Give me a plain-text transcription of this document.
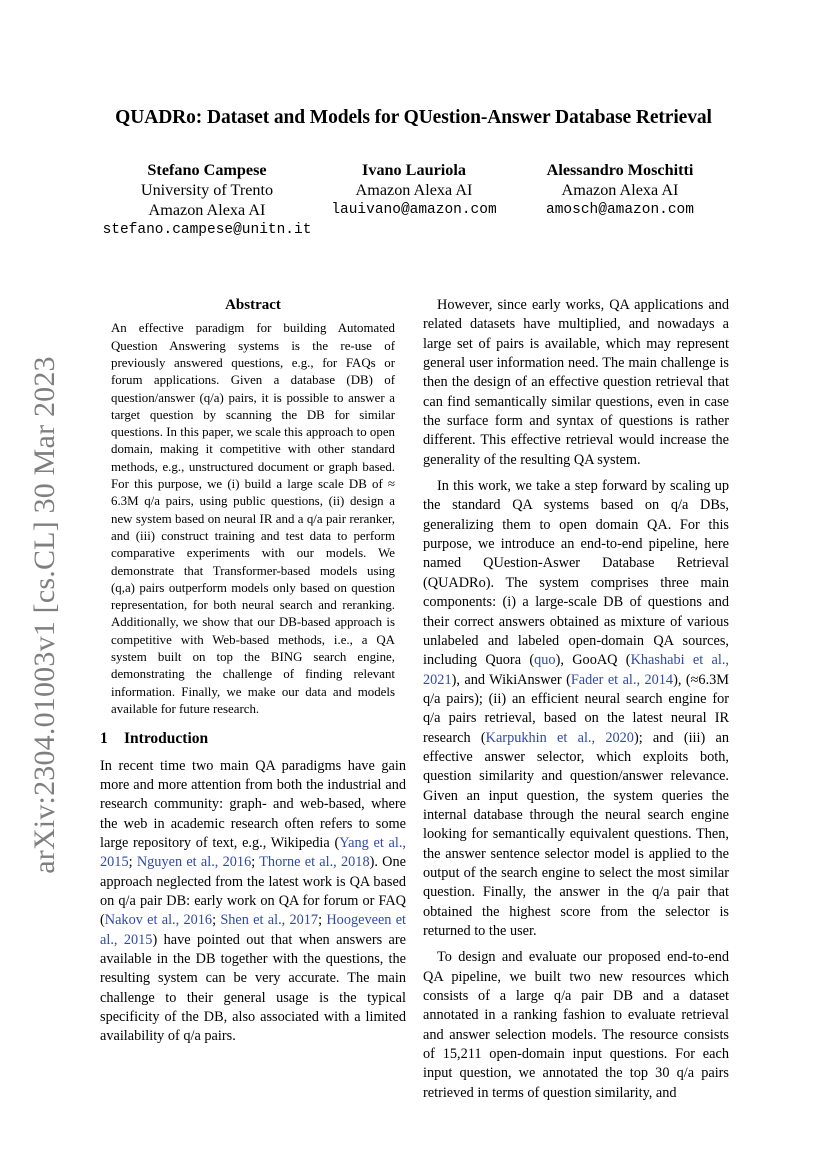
arXiv:2304.01003v1 [cs.CL] 30 Mar 2023
QUADRo: Dataset and Models for QUestion-Answer Database Retrieval
Stefano Campese
University of Trento
Amazon Alexa AI
stefano.campese@unitn.it
Ivano Lauriola
Amazon Alexa AI
lauivano@amazon.com
Alessandro Moschitti
Amazon Alexa AI
amosch@amazon.com
Abstract
An effective paradigm for building Automated Question Answering systems is the re-use of previously answered questions, e.g., for FAQs or forum applications. Given a database (DB) of question/answer (q/a) pairs, it is possible to answer a target question by scanning the DB for similar questions. In this paper, we scale this approach to open domain, making it competitive with other standard methods, e.g., unstructured document or graph based. For this purpose, we (i) build a large scale DB of ≈ 6.3M q/a pairs, using public questions, (ii) design a new system based on neural IR and a q/a pair reranker, and (iii) construct training and test data to perform comparative experiments with our models. We demonstrate that Transformer-based models using (q,a) pairs outperform models only based on question representation, for both neural search and reranking. Additionally, we show that our DB-based approach is competitive with Web-based methods, i.e., a QA system built on top the BING search engine, demonstrating the challenge of finding relevant information. Finally, we make our data and models available for future research.
1 Introduction

In recent time two main QA paradigms have gain more and more attention from both the industrial and research community: graph- and web-based, where the web in academic research often refers to some large repository of text, e.g., Wikipedia (Yang et al., 2015; Nguyen et al., 2016; Thorne et al., 2018). One approach neglected from the latest work is QA based on q/a pair DB: early work on QA for forum or FAQ (Nakov et al., 2016; Shen et al., 2017; Hoogeveen et al., 2015) have pointed out that when answers are available in the DB together with the questions, the resulting system can be very accurate. The main challenge to their general usage is the typical specificity of the DB, also associated with a limited availability of q/a pairs.

However, since early works, QA applications and related datasets have multiplied, and nowadays a large set of pairs is available, which may represent general user information need. The main challenge is then the design of an effective question retrieval that can find semantically similar questions, even in case the surface form and syntax of questions is rather different. This effective retrieval would increase the generality of the resulting QA system.

In this work, we take a step forward by scaling up the standard QA systems based on q/a DBs, generalizing them to open domain QA. For this purpose, we introduce an end-to-end pipeline, here named QUestion-Aswer Database Retrieval (QUADRo). The system comprises three main components: (i) a large-scale DB of questions and their correct answers obtained as mixture of various unlabeled and labeled open-domain QA sources, including Quora (quo), GooAQ (Khashabi et al., 2021), and WikiAnswer (Fader et al., 2014), (≈6.3M q/a pairs); (ii) an efficient neural search engine for q/a pairs retrieval, based on the latest neural IR research (Karpukhin et al., 2020); and (iii) an effective answer selector, which exploits both, question similarity and question/answer relevance. Given an input question, the system queries the internal database through the neural search engine looking for semantically equivalent questions. Then, the answer sentence selector model is applied to the output of the search engine to select the most similar question. Finally, the answer in the q/a pair that obtained the highest score from the selector is returned to the user.

To design and evaluate our proposed end-to-end QA pipeline, we built two new resources which consists of a large q/a pair DB and a dataset annotated in a ranking fashion to evaluate retrieval and answer selection models. The resource consists of 15,211 open-domain input questions. For each input question, we annotated the top 30 q/a pairs retrieved in terms of question similarity, and
